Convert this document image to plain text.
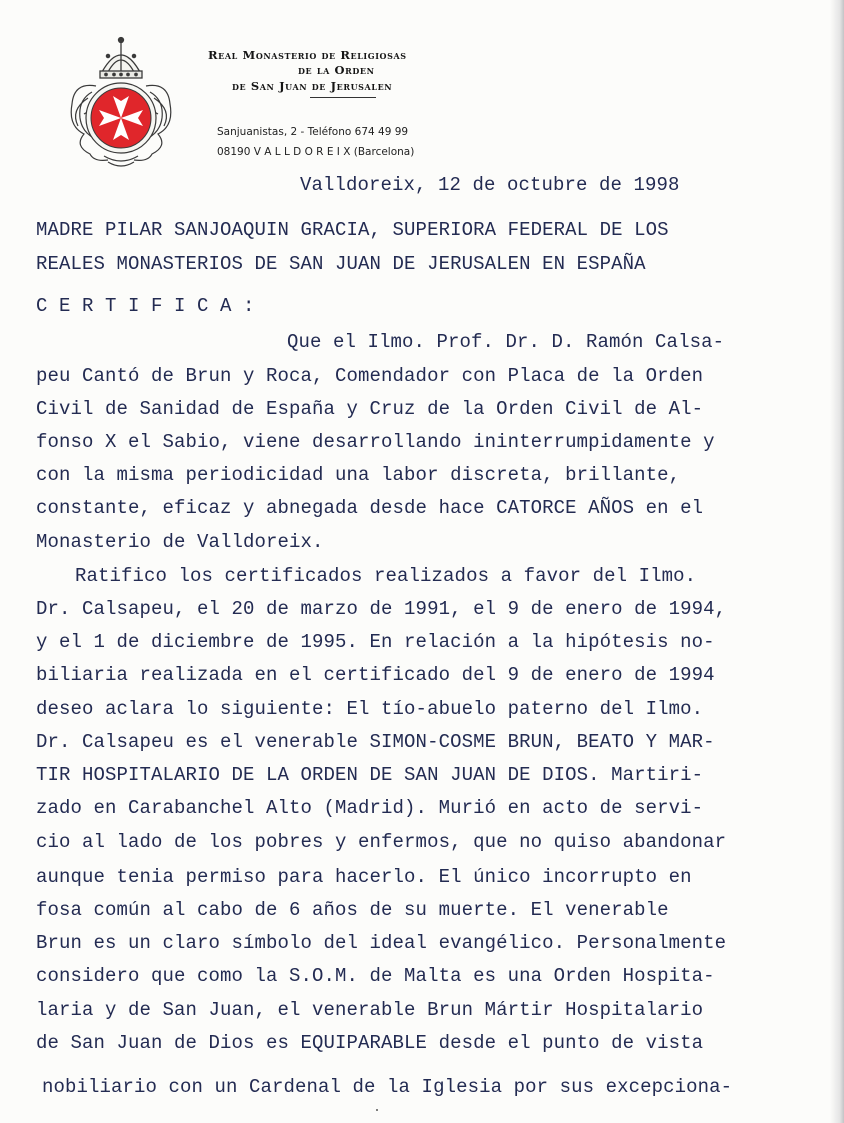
Real Monasterio de Religiosas
de la Orden
de San Juan de Jerusalen
Sanjuanistas, 2 - Teléfono 674 49 99
08190 V A L L D O R E I X (Barcelona)
Valldoreix, 12 de octubre de 1998
MADRE PILAR SANJOAQUIN GRACIA, SUPERIORA FEDERAL DE LOS
REALES MONASTERIOS DE SAN JUAN DE JERUSALEN EN ESPAÑA
C E R T I F I C A :
Que el Ilmo. Prof. Dr. D. Ramón Calsa-
peu Cantó de Brun y Roca, Comendador con Placa de la Orden
Civil de Sanidad de España y Cruz de la Orden Civil de Al-
fonso X el Sabio, viene desarrollando ininterrumpidamente y
con la misma periodicidad una labor discreta, brillante,
constante, eficaz y abnegada desde hace CATORCE AÑOS en el
Monasterio de Valldoreix.
Ratifico los certificados realizados a favor del Ilmo.
Dr. Calsapeu, el 20 de marzo de 1991, el 9 de enero de 1994,
y el 1 de diciembre de 1995. En relación a la hipótesis no-
biliaria realizada en el certificado del 9 de enero de 1994
deseo aclara lo siguiente: El tío-abuelo paterno del Ilmo.
Dr. Calsapeu es el venerable SIMON-COSME BRUN, BEATO Y MAR-
TIR HOSPITALARIO DE LA ORDEN DE SAN JUAN DE DIOS. Martiri-
zado en Carabanchel Alto (Madrid). Murió en acto de servi-
cio al lado de los pobres y enfermos, que no quiso abandonar
aunque tenia permiso para hacerlo. El único incorrupto en
fosa común al cabo de 6 años de su muerte. El venerable
Brun es un claro símbolo del ideal evangélico. Personalmente
considero que como la S.O.M. de Malta es una Orden Hospita-
laria y de San Juan, el venerable Brun Mártir Hospitalario
de San Juan de Dios es EQUIPARABLE desde el punto de vista
nobiliario con un Cardenal de la Iglesia por sus excepciona-
